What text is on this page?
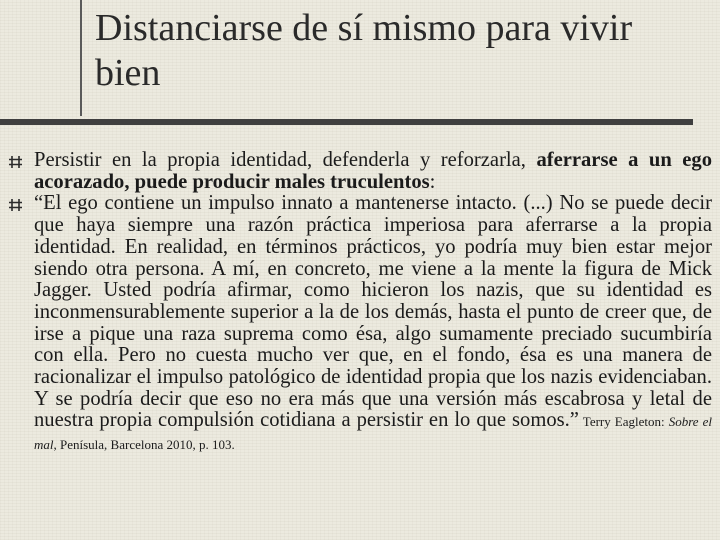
Distanciarse de sí mismo para vivir bien
Persistir en la propia identidad, defenderla y reforzarla, aferrarse a un ego acorazado, puede producir males truculentos:
“El ego contiene un impulso innato a mantenerse intacto. (...) No se puede decir que haya siempre una razón práctica imperiosa para aferrarse a la propia identidad. En realidad, en términos prácticos, yo podría muy bien estar mejor siendo otra persona. A mí, en concreto, me viene a la mente la figura de Mick Jagger. Usted podría afirmar, como hicieron los nazis, que su identidad es inconmensurablemente superior a la de los demás, hasta el punto de creer que, de irse a pique una raza suprema como ésa, algo sumamente preciado sucumbiría con ella. Pero no cuesta mucho ver que, en el fondo, ésa es una manera de racionalizar el impulso patológico de identidad propia que los nazis evidenciaban. Y se podría decir que eso no era más que una versión más escabrosa y letal de nuestra propia compulsión cotidiana a persistir en lo que somos.” Terry Eagleton: Sobre el mal, Penísula, Barcelona 2010, p. 103.
